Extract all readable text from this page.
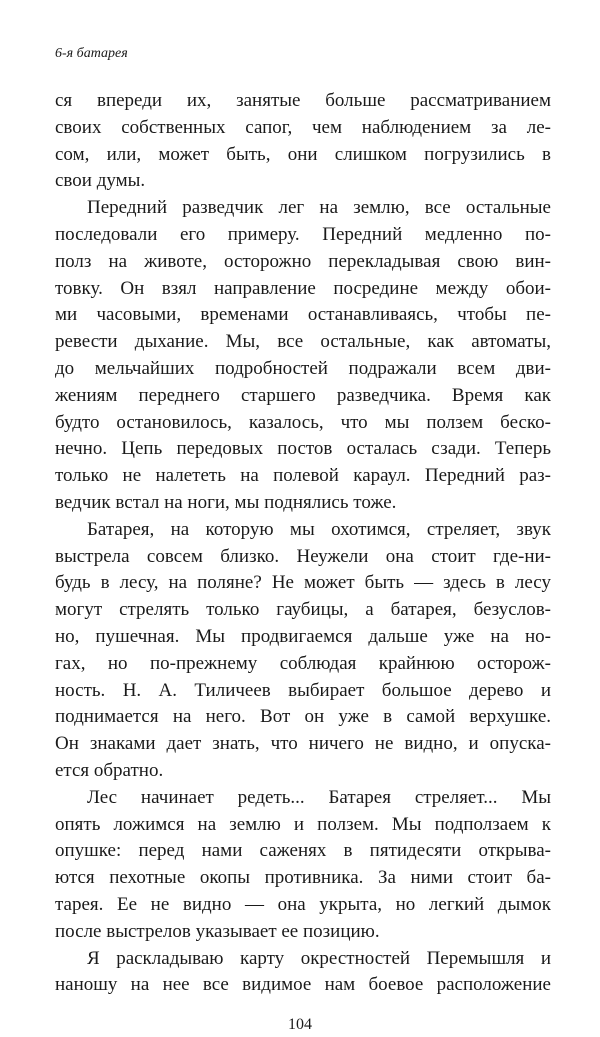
6-я батарея
ся впереди их, занятые больше рассматриванием
своих собственных сапог, чем наблюдением за ле-
сом, или, может быть, они слишком погрузились в
свои думы.
Передний разведчик лег на землю, все остальные
последовали его примеру. Передний медленно по-
полз на животе, осторожно перекладывая свою вин-
товку. Он взял направление посредине между обои-
ми часовыми, временами останавливаясь, чтобы пе-
ревести дыхание. Мы, все остальные, как автоматы,
до мельчайших подробностей подражали всем дви-
жениям переднего старшего разведчика. Время как
будто остановилось, казалось, что мы ползем беско-
нечно. Цепь передовых постов осталась сзади. Теперь
только не налететь на полевой караул. Передний раз-
ведчик встал на ноги, мы поднялись тоже.
Батарея, на которую мы охотимся, стреляет, звук
выстрела совсем близко. Неужели она стоит где-ни-
будь в лесу, на поляне? Не может быть — здесь в лесу
могут стрелять только гаубицы, а батарея, безуслов-
но, пушечная. Мы продвигаемся дальше уже на но-
гах, но по-прежнему соблюдая крайнюю осторож-
ность. Н. А. Тиличеев выбирает большое дерево и
поднимается на него. Вот он уже в самой верхушке.
Он знаками дает знать, что ничего не видно, и опуска-
ется обратно.
Лес начинает редеть... Батарея стреляет... Мы
опять ложимся на землю и ползем. Мы подползаем к
опушке: перед нами саженях в пятидесяти открыва-
ются пехотные окопы противника. За ними стоит ба-
тарея. Ее не видно — она укрыта, но легкий дымок
после выстрелов указывает ее позицию.
Я раскладываю карту окрестностей Перемышля и
наношу на нее все видимое нам боевое расположение
104
